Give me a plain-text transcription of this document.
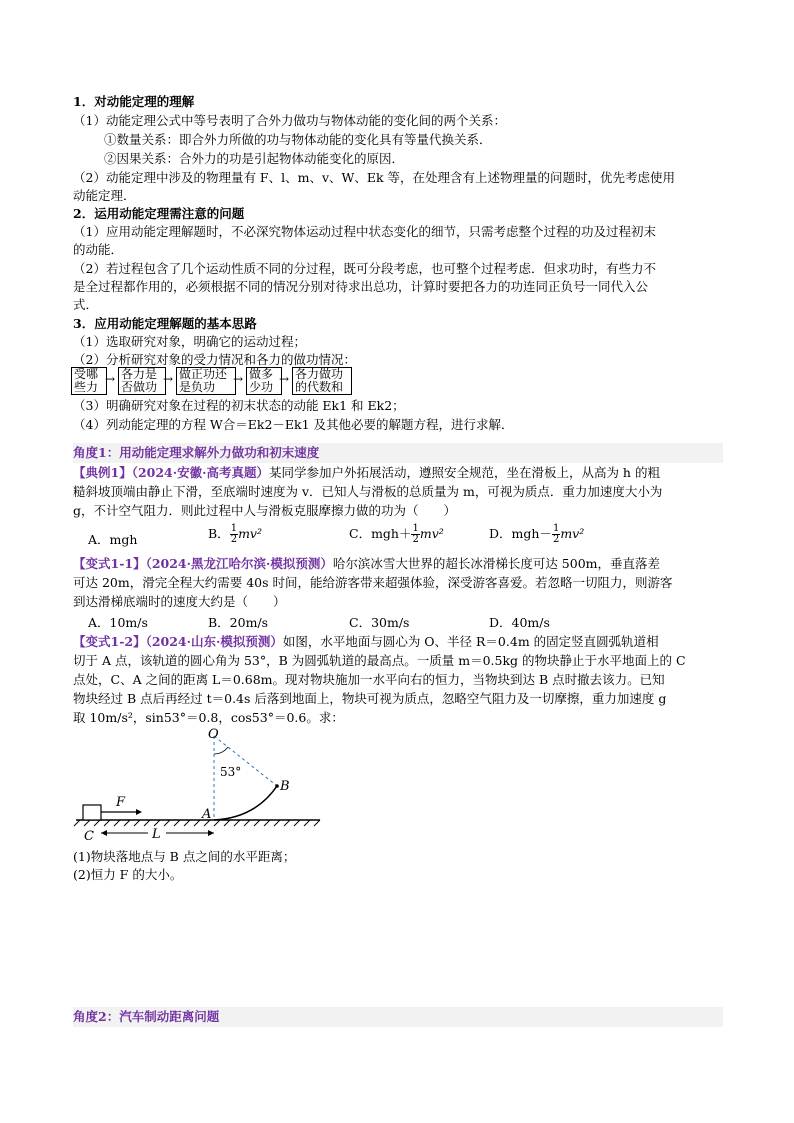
1．对动能定理的理解
（1）动能定理公式中等号表明了合外力做功与物体动能的变化间的两个关系：
①数量关系：即合外力所做的功与物体动能的变化具有等量代换关系．
②因果关系：合外力的功是引起物体动能变化的原因．
（2）动能定理中涉及的物理量有 F、l、m、v、W、Ek 等，在处理含有上述物理量的问题时，优先考虑使用
动能定理．
2．运用动能定理需注意的问题
（1）应用动能定理解题时，不必深究物体运动过程中状态变化的细节，只需考虑整个过程的功及过程初末
的动能．
（2）若过程包含了几个运动性质不同的分过程，既可分段考虑，也可整个过程考虑．但求功时，有些力不
是全过程都作用的，必须根据不同的情况分别对待求出总功，计算时要把各力的功连同正负号一同代入公
式．
3．应用动能定理解题的基本思路
（1）选取研究对象，明确它的运动过程；
（2）分析研究对象的受力情况和各力的做功情况：
受哪
些力
→ 各力是
否做功
→ 做正功还
是负功
→ 做多
少功
→ 各力做功
的代数和
（3）明确研究对象在过程的初末状态的动能 Ek1 和 Ek2；
（4）列动能定理的方程 W合＝Ek2－Ek1 及其他必要的解题方程，进行求解．
角度1：用动能定理求解外力做功和初末速度
【典例1】（2024·安徽·高考真题）某同学参加户外拓展活动，遵照安全规范，坐在滑板上，从高为 h 的粗
糙斜坡顶端由静止下滑，至底端时速度为 v．已知人与滑板的总质量为 m，可视为质点．重力加速度大小为
g，不计空气阻力．则此过程中人与滑板克服摩擦力做的功为（　　）
A．mgh	B． $\frac{1}{2} mv^2$	C．$mgh+ \frac{1}{2} mv^2$	D．$mgh- \frac{1}{2} mv^2$
【变式1-1】（2024·黑龙江哈尔滨·模拟预测）哈尔滨冰雪大世界的超长冰滑梯长度可达 500m，垂直落差
可达 20m，滑完全程大约需要 40s 时间，能给游客带来超强体验，深受游客喜爱。若忽略一切阻力，则游客
到达滑梯底端时的速度大约是（　　）
A．10m/s	B．20m/s	C．30m/s	D．40m/s
【变式1-2】（2024·山东·模拟预测）如图，水平地面与圆心为 O、半径 R＝0.4m 的固定竖直圆弧轨道相
切于 A 点，该轨道的圆心角为 53°，B 为圆弧轨道的最高点。一质量 m＝0.5kg 的物块静止于水平地面上的 C
点处，C、A 之间的距离 L＝0.68m。现对物块施加一水平向右的恒力，当物块到达 B 点时撤去该力。已知
物块经过 B 点后再经过 t＝0.4s 后落到地面上，物块可视为质点，忽略空气阻力及一切摩擦，重力加速度 g
取 10m/s²，sin53°＝0.8，cos53°＝0.6。求：
F
53°
O
B
A
C	L
(1)物块落地点与 B 点之间的水平距离；
(2)恒力 F 的大小。
角度2：汽车制动距离问题
